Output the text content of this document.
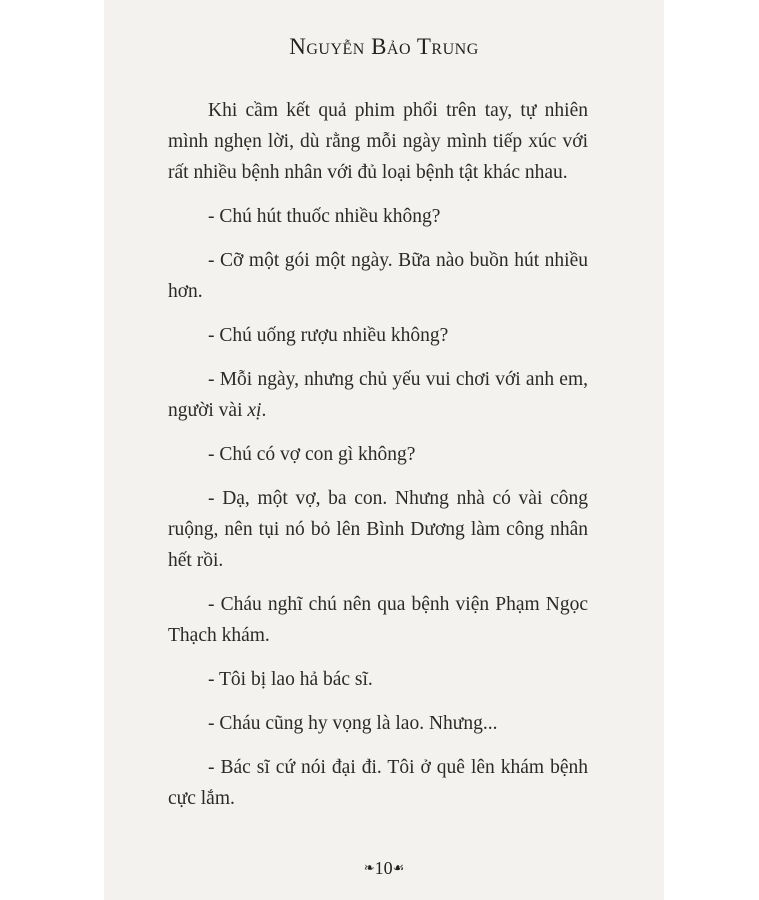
Nguyễn Bảo Trung

Khi cầm kết quả phim phổi trên tay, tự nhiên mình nghẹn lời, dù rằng mỗi ngày mình tiếp xúc với rất nhiều bệnh nhân với đủ loại bệnh tật khác nhau.

- Chú hút thuốc nhiều không?

- Cỡ một gói một ngày. Bữa nào buồn hút nhiều hơn.

- Chú uống rượu nhiều không?

- Mỗi ngày, nhưng chủ yếu vui chơi với anh em, người vài xị.

- Chú có vợ con gì không?

- Dạ, một vợ, ba con. Nhưng nhà có vài công ruộng, nên tụi nó bỏ lên Bình Dương làm công nhân hết rồi.

- Cháu nghĩ chú nên qua bệnh viện Phạm Ngọc Thạch khám.

- Tôi bị lao hả bác sĩ.

- Cháu cũng hy vọng là lao. Nhưng...

- Bác sĩ cứ nói đại đi. Tôi ở quê lên khám bệnh cực lắm.

❧10☙
